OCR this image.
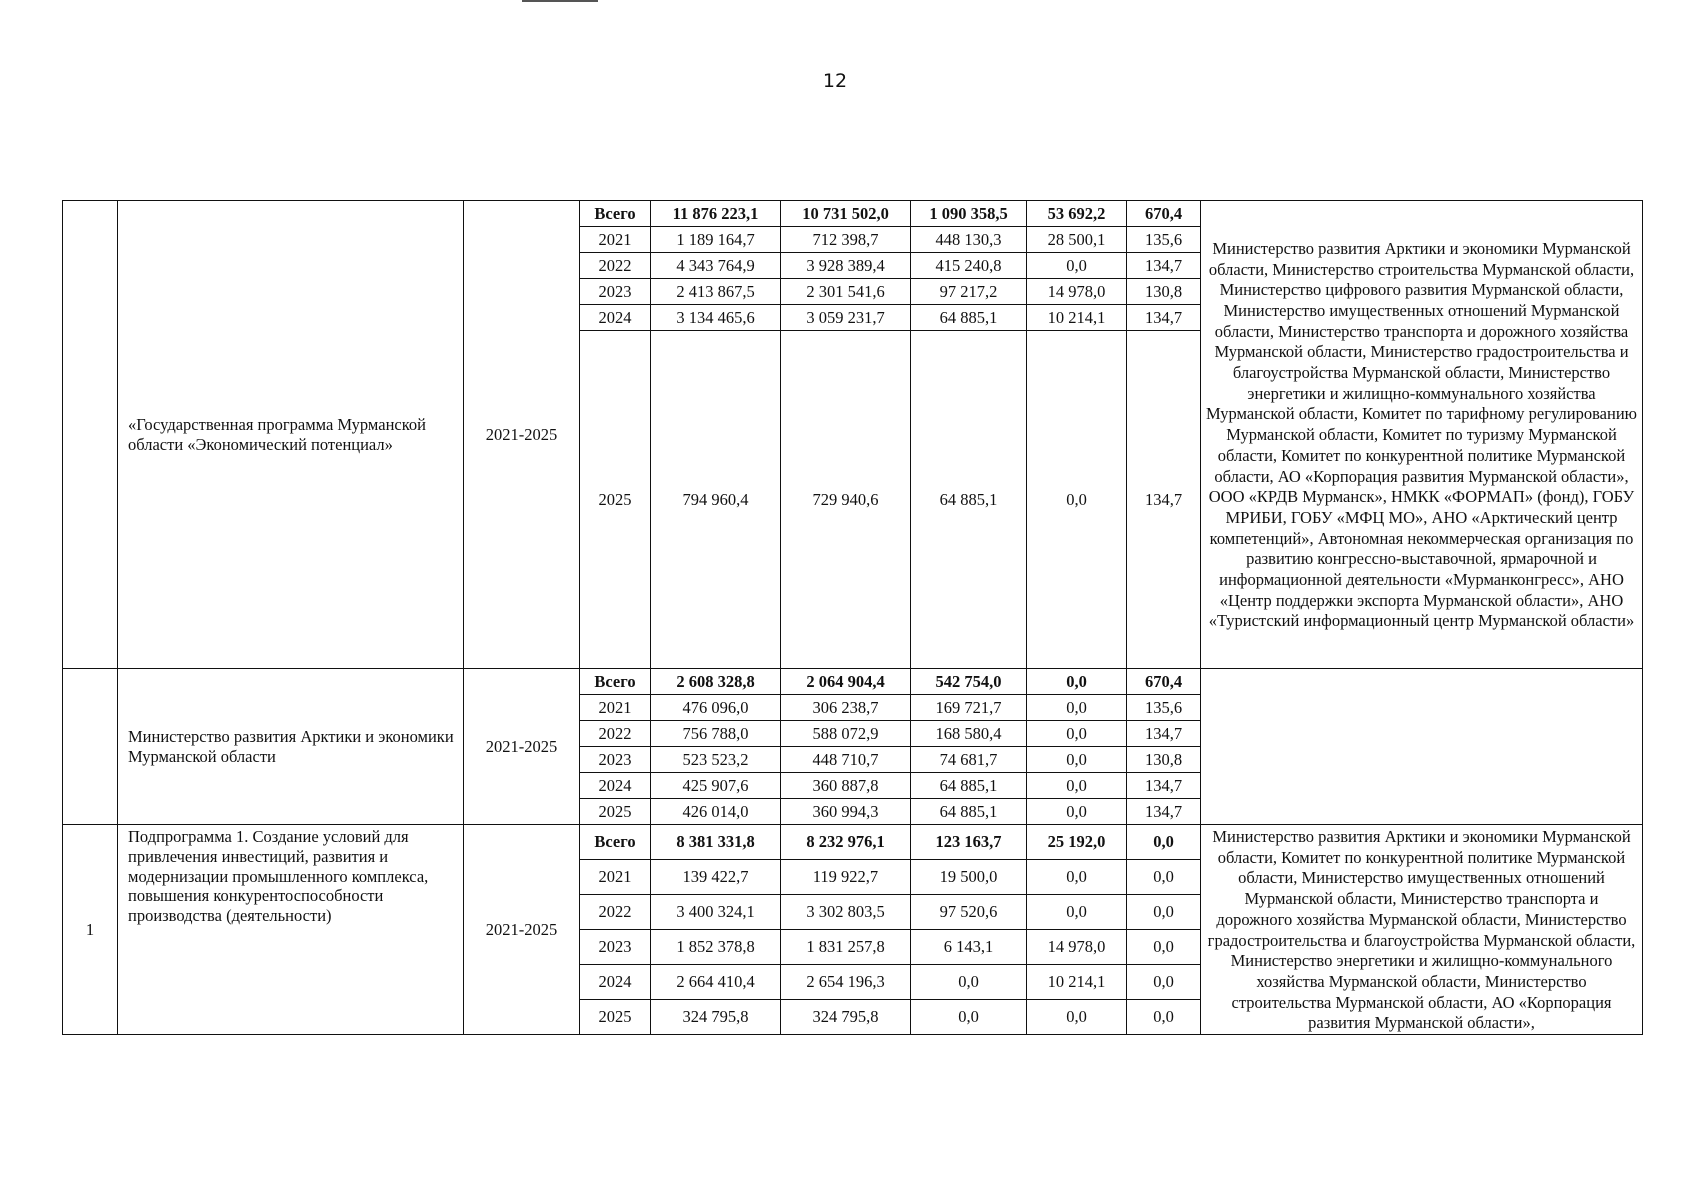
12
	«Государственная программа Мурманской области «Экономический потенциал»	2021-2025	Всего	11 876 223,1	10 731 502,0	1 090 358,5	53 692,2	670,4	Министерство развития Арктики и экономики Мурманской области, Министерство строительства Мурманской области, Министерство цифрового развития Мурманской области, Министерство имущественных отношений Мурманской области, Министерство транспорта и дорожного хозяйства Мурманской области, Министерство градостроительства и благоустройства Мурманской области, Министерство энергетики и жилищно-коммунального хозяйства Мурманской области, Комитет по тарифному регулированию Мурманской области, Комитет по туризму Мурманской области, Комитет по конкурентной политике Мурманской области, АО «Корпорация развития Мурманской области», ООО «КРДВ Мурманск», НМКК «ФОРМАП» (фонд), ГОБУ МРИБИ, ГОБУ «МФЦ МО», АНО «Арктический центр компетенций», Автономная некоммерческая организация по развитию конгрессно-выставочной, ярмарочной и информационной деятельности «Мурманконгресс», АНО «Центр поддержки экспорта Мурманской области», АНО «Туристский информационный центр Мурманской области»
			2021	1 189 164,7	712 398,7	448 130,3	28 500,1	135,6	
			2022	4 343 764,9	3 928 389,4	415 240,8	0,0	134,7	
			2023	2 413 867,5	2 301 541,6	97 217,2	14 978,0	130,8	
			2024	3 134 465,6	3 059 231,7	64 885,1	10 214,1	134,7	
			2025	794 960,4	729 940,6	64 885,1	0,0	134,7	
	Министерство развития Арктики и экономики Мурманской области	2021-2025	Всего	2 608 328,8	2 064 904,4	542 754,0	0,0	670,4	
			2021	476 096,0	306 238,7	169 721,7	0,0	135,6	
			2022	756 788,0	588 072,9	168 580,4	0,0	134,7	
			2023	523 523,2	448 710,7	74 681,7	0,0	130,8	
			2024	425 907,6	360 887,8	64 885,1	0,0	134,7	
			2025	426 014,0	360 994,3	64 885,1	0,0	134,7	
1	Подпрограмма 1. Создание условий для привлечения инвестиций, развития и модернизации промышленного комплекса, повышения конкурентоспособности производства (деятельности)	2021-2025	Всего	8 381 331,8	8 232 976,1	123 163,7	25 192,0	0,0	Министерство развития Арктики и экономики Мурманской области, Комитет по конкурентной политике Мурманской области, Министерство имущественных отношений Мурманской области, Министерство транспорта и дорожного хозяйства Мурманской области, Министерство градостроительства и благоустройства Мурманской области, Министерство энергетики и жилищно-коммунального хозяйства Мурманской области, Министерство строительства Мурманской области, АО «Корпорация развития Мурманской области»,
			2021	139 422,7	119 922,7	19 500,0	0,0	0,0	
			2022	3 400 324,1	3 302 803,5	97 520,6	0,0	0,0	
			2023	1 852 378,8	1 831 257,8	6 143,1	14 978,0	0,0	
			2024	2 664 410,4	2 654 196,3	0,0	10 214,1	0,0	
			2025	324 795,8	324 795,8	0,0	0,0	0,0	
